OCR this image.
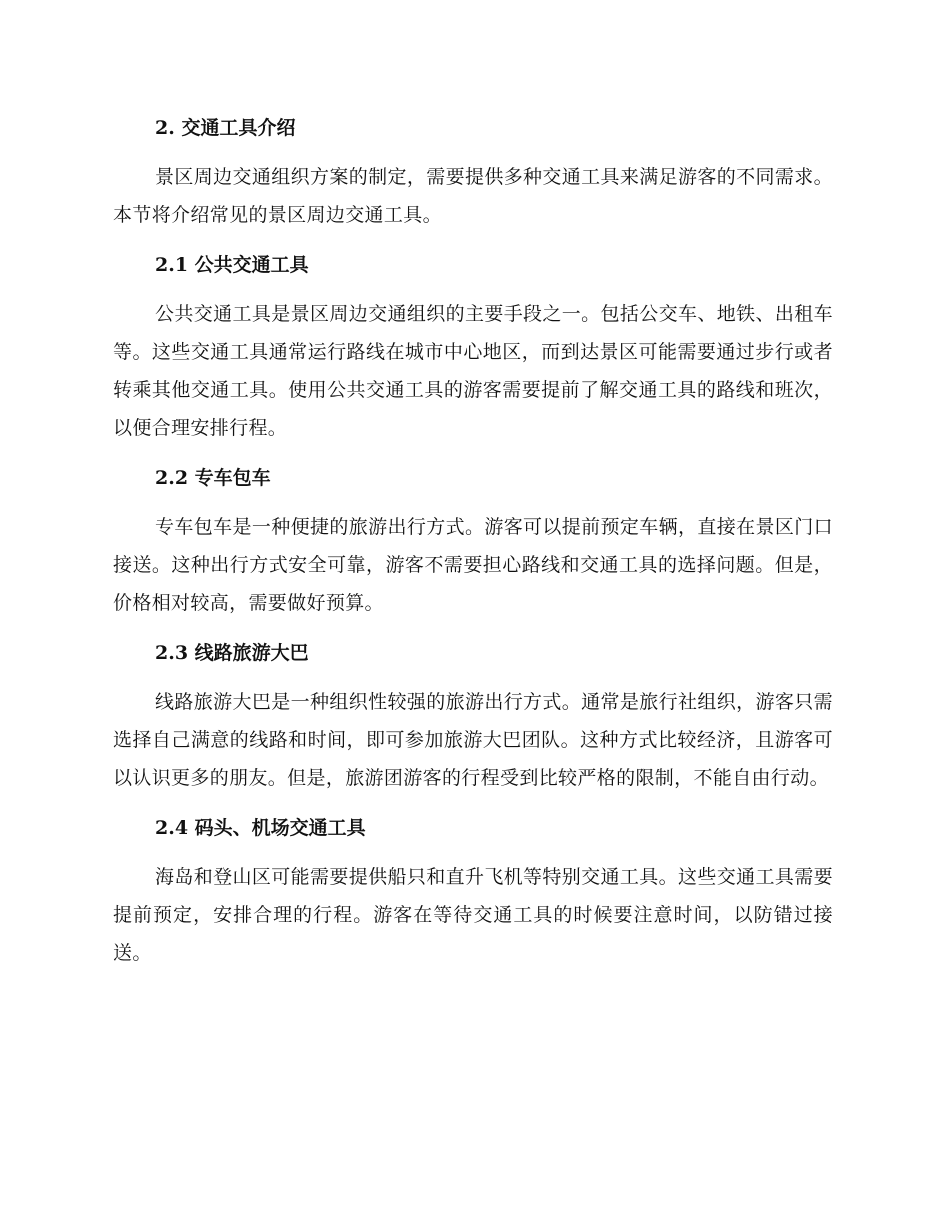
2. 交通工具介绍
景区周边交通组织方案的制定，需要提供多种交通工具来满足游客的不同需求。本节将介绍常见的景区周边交通工具。
2.1 公共交通工具
公共交通工具是景区周边交通组织的主要手段之一。包括公交车、地铁、出租车等。这些交通工具通常运行路线在城市中心地区，而到达景区可能需要通过步行或者转乘其他交通工具。使用公共交通工具的游客需要提前了解交通工具的路线和班次，以便合理安排行程。
2.2 专车包车
专车包车是一种便捷的旅游出行方式。游客可以提前预定车辆，直接在景区门口接送。这种出行方式安全可靠，游客不需要担心路线和交通工具的选择问题。但是，价格相对较高，需要做好预算。
2.3 线路旅游大巴
线路旅游大巴是一种组织性较强的旅游出行方式。通常是旅行社组织，游客只需选择自己满意的线路和时间，即可参加旅游大巴团队。这种方式比较经济，且游客可以认识更多的朋友。但是，旅游团游客的行程受到比较严格的限制，不能自由行动。
2.4 码头、机场交通工具
海岛和登山区可能需要提供船只和直升飞机等特别交通工具。这些交通工具需要提前预定，安排合理的行程。游客在等待交通工具的时候要注意时间，以防错过接送。
